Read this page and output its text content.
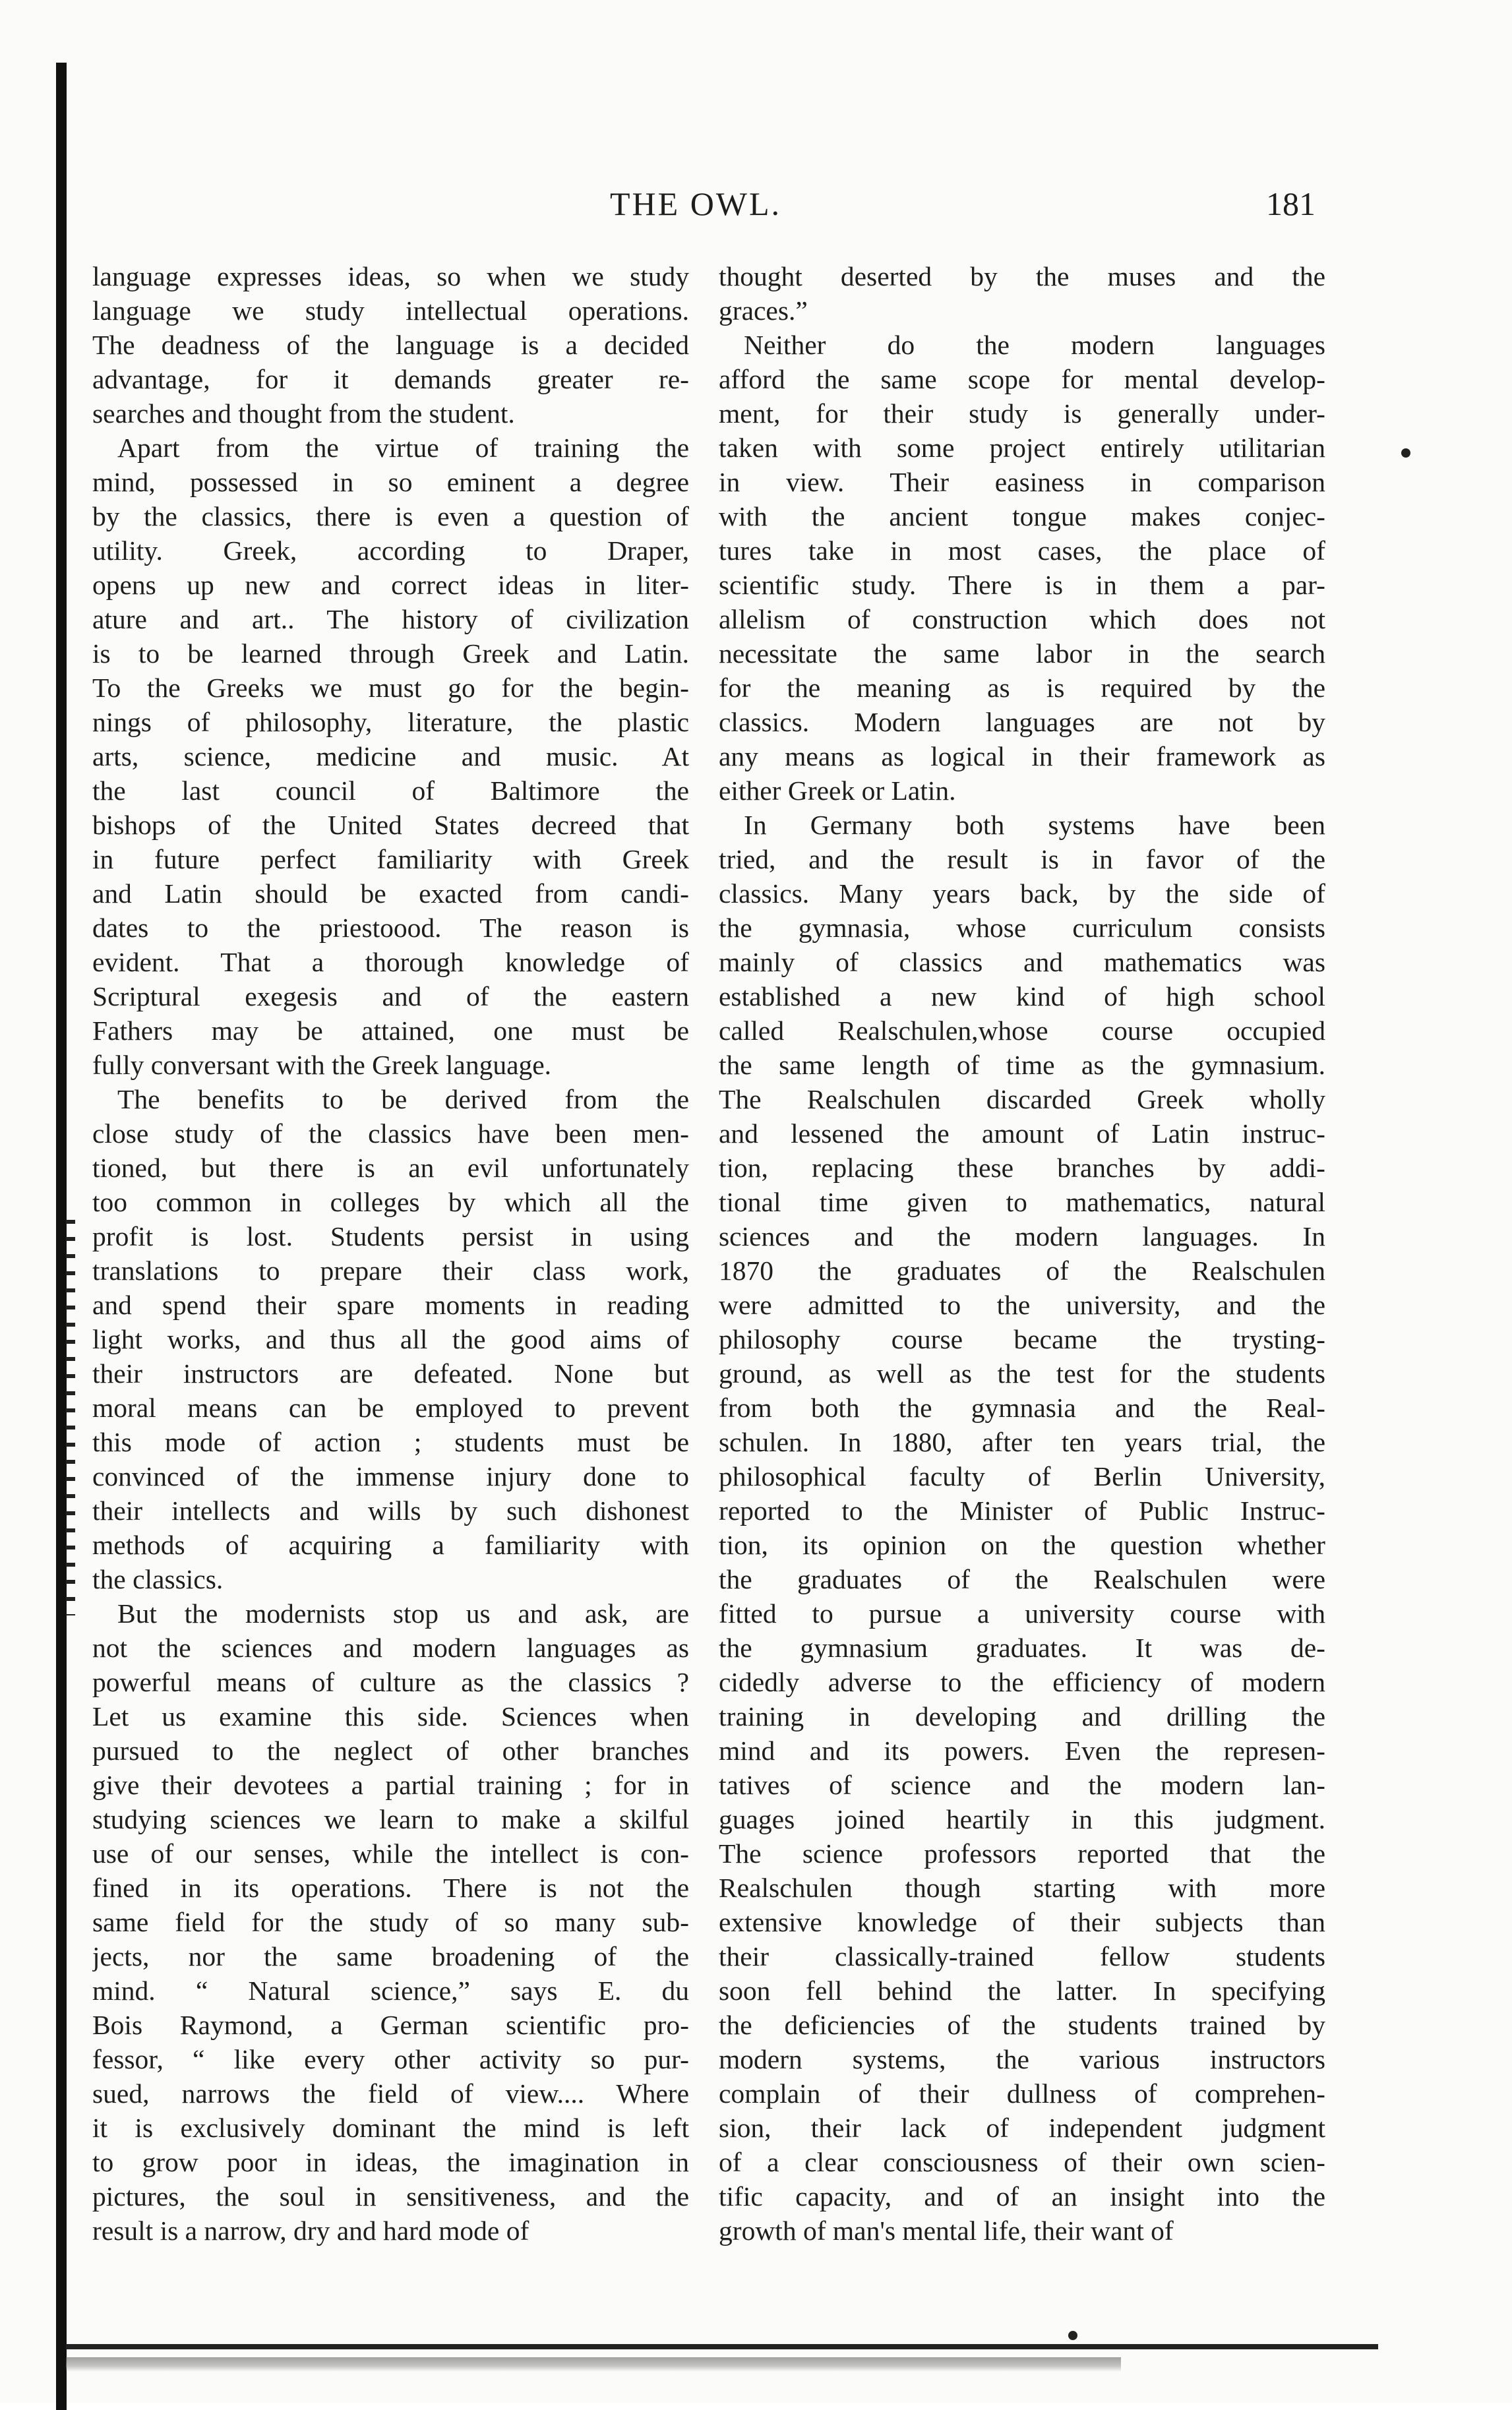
THE OWL.	181
language expresses ideas, so when we study
language we study intellectual operations.
The deadness of the language is a decided
advantage, for it demands greater re-
searches and thought from the student.
Apart from the virtue of training the
mind, possessed in so eminent a degree
by the classics, there is even a question of
utility. Greek, according to Draper,
opens up new and correct ideas in liter-
ature and art.. The history of civilization
is to be learned through Greek and Latin.
To the Greeks we must go for the begin-
nings of philosophy, literature, the plastic
arts, science, medicine and music. At
the last council of Baltimore the
bishops of the United States decreed that
in future perfect familiarity with Greek
and Latin should be exacted from candi-
dates to the priestoood. The reason is
evident. That a thorough knowledge of
Scriptural exegesis and of the eastern
Fathers may be attained, one must be
fully conversant with the Greek language.
The benefits to be derived from the
close study of the classics have been men-
tioned, but there is an evil unfortunately
too common in colleges by which all the
profit is lost. Students persist in using
translations to prepare their class work,
and spend their spare moments in reading
light works, and thus all the good aims of
their instructors are defeated. None but
moral means can be employed to prevent
this mode of action ; students must be
convinced of the immense injury done to
their intellects and wills by such dishonest
methods of acquiring a familiarity with
the classics.
But the modernists stop us and ask, are
not the sciences and modern languages as
powerful means of culture as the classics ?
Let us examine this side. Sciences when
pursued to the neglect of other branches
give their devotees a partial training ; for in
studying sciences we learn to make a skilful
use of our senses, while the intellect is con-
fined in its operations. There is not the
same field for the study of so many sub-
jects, nor the same broadening of the
mind. “ Natural science,” says E. du
Bois Raymond, a German scientific pro-
fessor, “ like every other activity so pur-
sued, narrows the field of view.... Where
it is exclusively dominant the mind is left
to grow poor in ideas, the imagination in
pictures, the soul in sensitiveness, and the
result is a narrow, dry and hard mode of
thought deserted by the muses and the
graces.”
Neither do the modern languages
afford the same scope for mental develop-
ment, for their study is generally under-
taken with some project entirely utilitarian
in view. Their easiness in comparison
with the ancient tongue makes conjec-
tures take in most cases, the place of
scientific study. There is in them a par-
allelism of construction which does not
necessitate the same labor in the search
for the meaning as is required by the
classics. Modern languages are not by
any means as logical in their framework as
either Greek or Latin.
In Germany both systems have been
tried, and the result is in favor of the
classics. Many years back, by the side of
the gymnasia, whose curriculum consists
mainly of classics and mathematics was
established a new kind of high school
called Realschulen,whose course occupied
the same length of time as the gymnasium.
The Realschulen discarded Greek wholly
and lessened the amount of Latin instruc-
tion, replacing these branches by addi-
tional time given to mathematics, natural
sciences and the modern languages. In
1870 the graduates of the Realschulen
were admitted to the university, and the
philosophy course became the trysting-
ground, as well as the test for the students
from both the gymnasia and the Real-
schulen. In 1880, after ten years trial, the
philosophical faculty of Berlin University,
reported to the Minister of Public Instruc-
tion, its opinion on the question whether
the graduates of the Realschulen were
fitted to pursue a university course with
the gymnasium graduates. It was de-
cidedly adverse to the efficiency of modern
training in developing and drilling the
mind and its powers. Even the represen-
tatives of science and the modern lan-
guages joined heartily in this judgment.
The science professors reported that the
Realschulen though starting with more
extensive knowledge of their subjects than
their classically-trained fellow students
soon fell behind the latter. In specifying
the deficiencies of the students trained by
modern systems, the various instructors
complain of their dullness of comprehen-
sion, their lack of independent judgment
of a clear consciousness of their own scien-
tific capacity, and of an insight into the
growth of man's mental life, their want of
